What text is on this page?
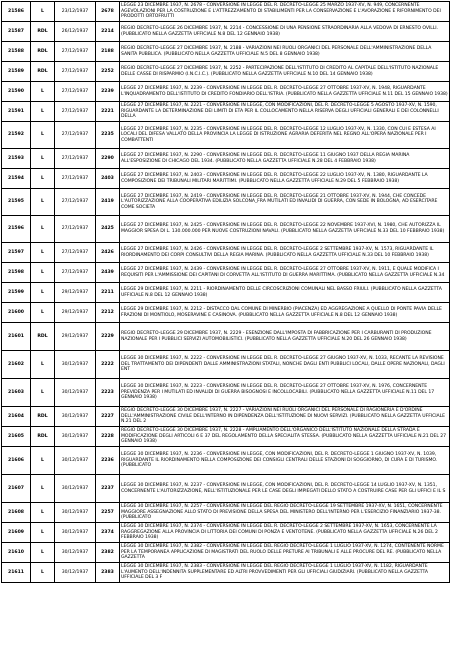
21586	L	23/12/1937	2678	LEGGE 23 DICEMBRE 1937, N. 2678 - CONVERSIONE IN LEGGE DEL R. DECRETO-LEGGE 25 MARZO 1937-XV, N. 949, CONCERNENTE AGEVOLAZIONI PER LA COSTRUZIONE E L'ATTREZZAMENTO DI STABILIMENTI PER LA CONSERVAZIONE E L'AVORAZIONE E RIFORNIMENTO DEI PRODOTTI ORTOFRUTTI
21587	RDL	26/12/1937	2214	REGIO DECRETO-LEGGE 26 DICEMBRE 1937, N. 2214 - CONCESSIONE DI UNA PENSIONE STRAORDINARIA ALLA VEDOVA DI ERNESTO OVILLI. (PUBBLICATO NELLA GAZZETTA UFFICIALE N.8 DEL 12 GENNAIO 1938)
21588	RDL	27/12/1937	2188	REGIO DECRETO-LEGGE 27 DICEMBRE 1937, N. 2188 - VARIAZIONI NEI RUOLI ORGANICI DEL PERSONALE DELL'AMMINISTRAZIONE DELLA SANITA PUBBLICA. (PUBBLICATO NELLA GAZZETTA UFFICIALE N.5 DEL 8 GENNAIO 1938)
21589	RDL	27/12/1937	2252	REGIO DECRETO-LEGGE 27 DICEMBRE 1937, N. 2252 - PARTECIPAZIONE DELL'ISTITUTO DI CREDITO AL CAPITALE DELL'ISTITUTO NAZIONALE DELLE CASSE DI RISPARMIO (I.N.C.I.C.). (PUBBLICATO NELLA GAZZETTA UFFICIALE N.10 DEL 14 GENNAIO 1938)
21590	L	27/12/1937	2239	LEGGE 27 DICEMBRE 1937, N. 2239 - CONVERSIONE IN LEGGE DEL R. DECRETO-LEGGE 27 OTTOBRE 1937-XV, N. 1948, RIGUARDANTE L'INQUADRAMENTO DELL'ISTITUTO DI CREDITO FONDIARIO DELL'ISTRIA. (PUBBLICATO NELLA GAZZETTA UFFICIALE N.11 DEL 15 GENNAIO 1938)
21591	L	27/12/1937	2221	LEGGE 27 DICEMBRE 1937, N. 2221 - CONVERSIONE IN LEGGE, CON MODIFICAZIONI, DEL R. DECRETO-LEGGE 5 AGOSTO 1937-XV, N. 1590, RIGUARDANTE LA DETERMINAZIONE DEI LIMITI DI ETA PER IL COLLOCAMENTO NELLA RISERVA DEGLI UFFICIALI GENERALI E DEI COLONNELLI DELLA
21592	L	27/12/1937	2235	LEGGE 27 DICEMBRE 1937, N. 2235 - CONVERSIONE IN LEGGE DEL R. DECRETO-LEGGE 12 LUGLIO 1937-XV, N. 1330, CON CUI E ESTESA AI LOCALI DEL DIFESA VALLATO DELLA PROVINCIA LA LEGGE DI ISTRUZIONE AGRARIA DEFERITA NEL REGNO ALL'OPERA NAZIONALE PER I COMBATTENTI
21593	L	27/12/1937	2290	LEGGE 27 DICEMBRE 1937, N. 2290 - CONVERSIONE IN LEGGE DEL R. DECRETO-LEGGE 11 GIUGNO 1937 DELLA REGIA MARINA ALL'ESPOSIZIONE DI CHICAGO DEL 1934. (PUBBLICATO NELLA GAZZETTA UFFICIALE N.28 DEL 4 FEBBRAIO 1938)
21594	L	27/12/1937	2403	LEGGE 27 DICEMBRE 1937, N. 2403 - CONVERSIONE IN LEGGE DEL R. DECRETO-LEGGE 22 LUGLIO 1937-XV, N. 1380, RIGUARDANTE LA COMPOSIZIONE DEI TRIBUNALI MILITARI MARITTIMI. (PUBBLICATO NELLA GAZZETTA UFFICIALE N.29 DEL 5 FEBBRAIO 1938)
21595	L	27/12/1937	2419	LEGGE 27 DICEMBRE 1937, N. 2419 - CONVERSIONE IN LEGGE DEL R. DECRETO-LEGGE 21 OTTOBRE 1937-XV, N. 1944, CHE CONCEDE L'AUTORIZZAZIONE ALLA COOPERATIVA EDILIZIA SOLCONA_FRA MUTILATI ED INVALIDI DI GUERRA, CON SEDE IN BOLOGNA, AD ESERCITARE COME SOCIETA
21596	L	27/12/1937	2425	LEGGE 27 DICEMBRE 1937, N. 2425 - CONVERSIONE IN LEGGE DEL R. DECRETO-LEGGE 22 NOVEMBRE 1937-XVI, N. 1980, CHE AUTORIZZA IL MAGGIOR SPESA DI L. 130.000.000 PER NUOVE COSTRUZIONI NAVALI. (PUBBLICATO NELLA GAZZETTA UFFICIALE N.33 DEL 10 FEBBRAIO 1938)
21597	L	27/12/1937	2426	LEGGE 27 DICEMBRE 1937, N. 2426 - CONVERSIONE IN LEGGE DEL R. DECRETO-LEGGE 2 SETTEMBRE 1937-XV, N. 1573, RIGUARDANTE IL RIORDINAMENTO DEI CORPI CONSULTIVI DELLA REGIA MARINA. (PUBBLICATO NELLA GAZZETTA UFFICIALE N.33 DEL 10 FEBBRAIO 1938)
21598	L	27/12/1937	2439	LEGGE 27 DICEMBRE 1937, N. 2439 - CONVERSIONE IN LEGGE DEL R. DECRETO-LEGGE 27 OTTOBRE 1937-XV, N. 1911, E QUALE MODIFICA I REQUISITI PER L'AMMISSIONE DEI CAPITANI DI CORVETTA ALL'ISTITUTO DI GUERRA MARITTIMA. (PUBBLICATO NELLA GAZZETTA UFFICIALE N.34
21599	L	29/12/1937	2211	LEGGE 29 DICEMBRE 1937, N. 2211 - RIORDINAMENTO DELLE CIRCOSCRIZIONI COMUNALI NEL BASSO FRIULI. (PUBBLICATO NELLA GAZZETTA UFFICIALE N.8 DEL 12 GENNAIO 1938)
21600	L	29/12/1937	2212	LEGGE 29 DICEMBRE 1937, N. 2212 - DISTACCO DAL COMUNE DI MINERBIO (PIACENZA) ED AGGREGAZIONE A QUELLO DI PONTE PAVIA DELLE FRAZIONI DI MONTIOLO, MOSERAVINE E CASINOVA. (PUBBLICATO NELLA GAZZETTA UFFICIALE N.8 DEL 12 GENNAIO 1938)
21601	RDL	29/12/1937	2229	REGIO DECRETO-LEGGE 29 DICEMBRE 1937, N. 2229 - ESENZIONE DALL'IMPOSTA DI FABBRICAZIONE PER I CARBURANTI DI PRODUZIONE NAZIONALE PER I PUBBLICI SERVIZI AUTOMOBILISTICI. (PUBBLICATO NELLA GAZZETTA UFFICIALE N.20 DEL 26 GENNAIO 1938)
21602	L	30/12/1937	2222	LEGGE 30 DICEMBRE 1937, N. 2222 - CONVERSIONE IN LEGGE DEL R. DECRETO-LEGGE 27 GIUGNO 1937-XV, N. 1033, RECANTE LA REVISIONE DEL TRATTAMENTO DEI DIPENDENTI DALLE AMMINISTRAZIONI STATALI, NONCHE DAGLI ENTI PUBBLICI LOCALI, DALLE OPERE NAZIONALI, DAGLI ENT
21603	L	30/12/1937	2223	LEGGE 30 DICEMBRE 1937, N. 2223 - CONVERSIONE IN LEGGE DEL R. DECRETO-LEGGE 27 OTTOBRE 1937-XV, N. 1976, CONCERNENTE PREVIDENZA PER I MUTILATI ED INVALIDI DI GUERRA BISOGNOSI E INCOLLOCABILI. (PUBBLICATO NELLA GAZZETTA UFFICIALE N.11 DEL 17 GENNAIO 1938)
21604	RDL	30/12/1937	2227	REGIO DECRETO-LEGGE 30 DICEMBRE 1937, N. 2227 - VARIAZIONI NEI RUOLI ORGANICI DEL PERSONALE DI RAGIONERIA E D'ORDINE DELL'AMMINISTRAZIONE CIVILE DELL'INTERNO IN DIPENDENZA DELL'ISTITUZIONE DI NUOVI SERVIZI. (PUBBLICATO NELLA GAZZETTA UFFICIALE N.21 DEL 2
21605	RDL	30/12/1937	2228	REGIO DECRETO-LEGGE 30 DICEMBRE 1937, N. 2228 - AMPLIAMENTO DELL'ORGANICO DELL'ISTITUTO NAZIONALE DELLA STRADA E MODIFICAZIONE DEGLI ARTICOLI 6 E 37 DEL REGOLAMENTO DELLA SPECIALITA STESSA. (PUBBLICATO NELLA GAZZETTA UFFICIALE N.21 DEL 27 GENNAIO 1938)
21606	L	30/12/1937	2236	LEGGE 30 DICEMBRE 1937, N. 2236 - CONVERSIONE IN LEGGE, CON MODIFICAZIONI, DEL R. DECRETO-LEGGE 1 GIUGNO 1937-XV, N. 1039, RIGUARDANTE IL RIORDINAMENTO NELLA COMPOSIZIONE DEI CONSIGLI CENTRALI DELLE STAZIONI DI SOGGIORNO, DI CURA E DI TURISMO. (PUBBLICATO
21607	L	30/12/1937	2237	LEGGE 30 DICEMBRE 1937, N. 2237 - CONVERSIONE IN LEGGE, CON MODIFICAZIONI, DEL R. DECRETO-LEGGE 14 LUGLIO 1937-XV, N. 1351, CONCERNENTE L'AUTORIZZAZIONE, NELL'ISTITUZIONALE PER LE CASE DEGLI IMPIEGATI DELLO STATO A COSTRUIRE CASE PER GLI UFFICI E IL S
21608	L	30/12/1937	2257	LEGGE 30 DICEMBRE 1937, N. 2257 - CONVERSIONE IN LEGGE DEL REGIO DECRETO-LEGGE 19 SETTEMBRE 1937-XV, N. 1651, CONCERNENTE MAGGIORE ASSEGNAZIONE ALLO STATO DI PREVISIONE DELLA SPESA DEL MINISTERO DELL'INTERNO PER L'ESERCIZIO FINANZIARIO 1937-38. (PUBBLICATO
21609	L	30/12/1937	2374	LEGGE 30 DICEMBRE 1937, N. 2374 - CONVERSIONE IN LEGGE DEL R. DECRETO-LEGGE 2 SETTEMBRE 1937-XV, N. 1653, CONCERNENTE LA RAGGREGAZIONE ALLA PROVINCIA DI LITTORIA DEI COMUNI DI PONZA E VENTOTENE. (PUBBLICATO NELLA GAZZETTA UFFICIALE N.26 DEL 2 FEBBRAIO 1938)
21610	L	30/12/1937	2382	LEGGE 30 DICEMBRE 1937, N. 2382 - CONVERSIONE IN LEGGE DEL REGIO DECRETO-LEGGE 1 LUGLIO 1937-XV, N. 1274, CONTENENTE NORME PER LA TEMPORANEA APPLICAZIONE DI MAGISTRATI DEL RUOLO DELLE PRETURE AI TRIBUNALI E ALLE PROCURE DEL RE. (PUBBLICATO NELLA GAZZETTA
21611	L	30/12/1937	2383	LEGGE 30 DICEMBRE 1937, N. 2383 - CONVERSIONE IN LEGGE DEL REGIO DECRETO-LEGGE 1 LUGLIO 1937-XV, N. 1182, RIGUARDANTE L'AUMENTO DELL'INDENNITA SUPPLEMENTARE ED ALTRI PROVVEDIMENTI PER GLI UFFICIALI GIUDIZIARI. (PUBBLICATO NELLA GAZZETTA UFFICIALE DEL 3 F
